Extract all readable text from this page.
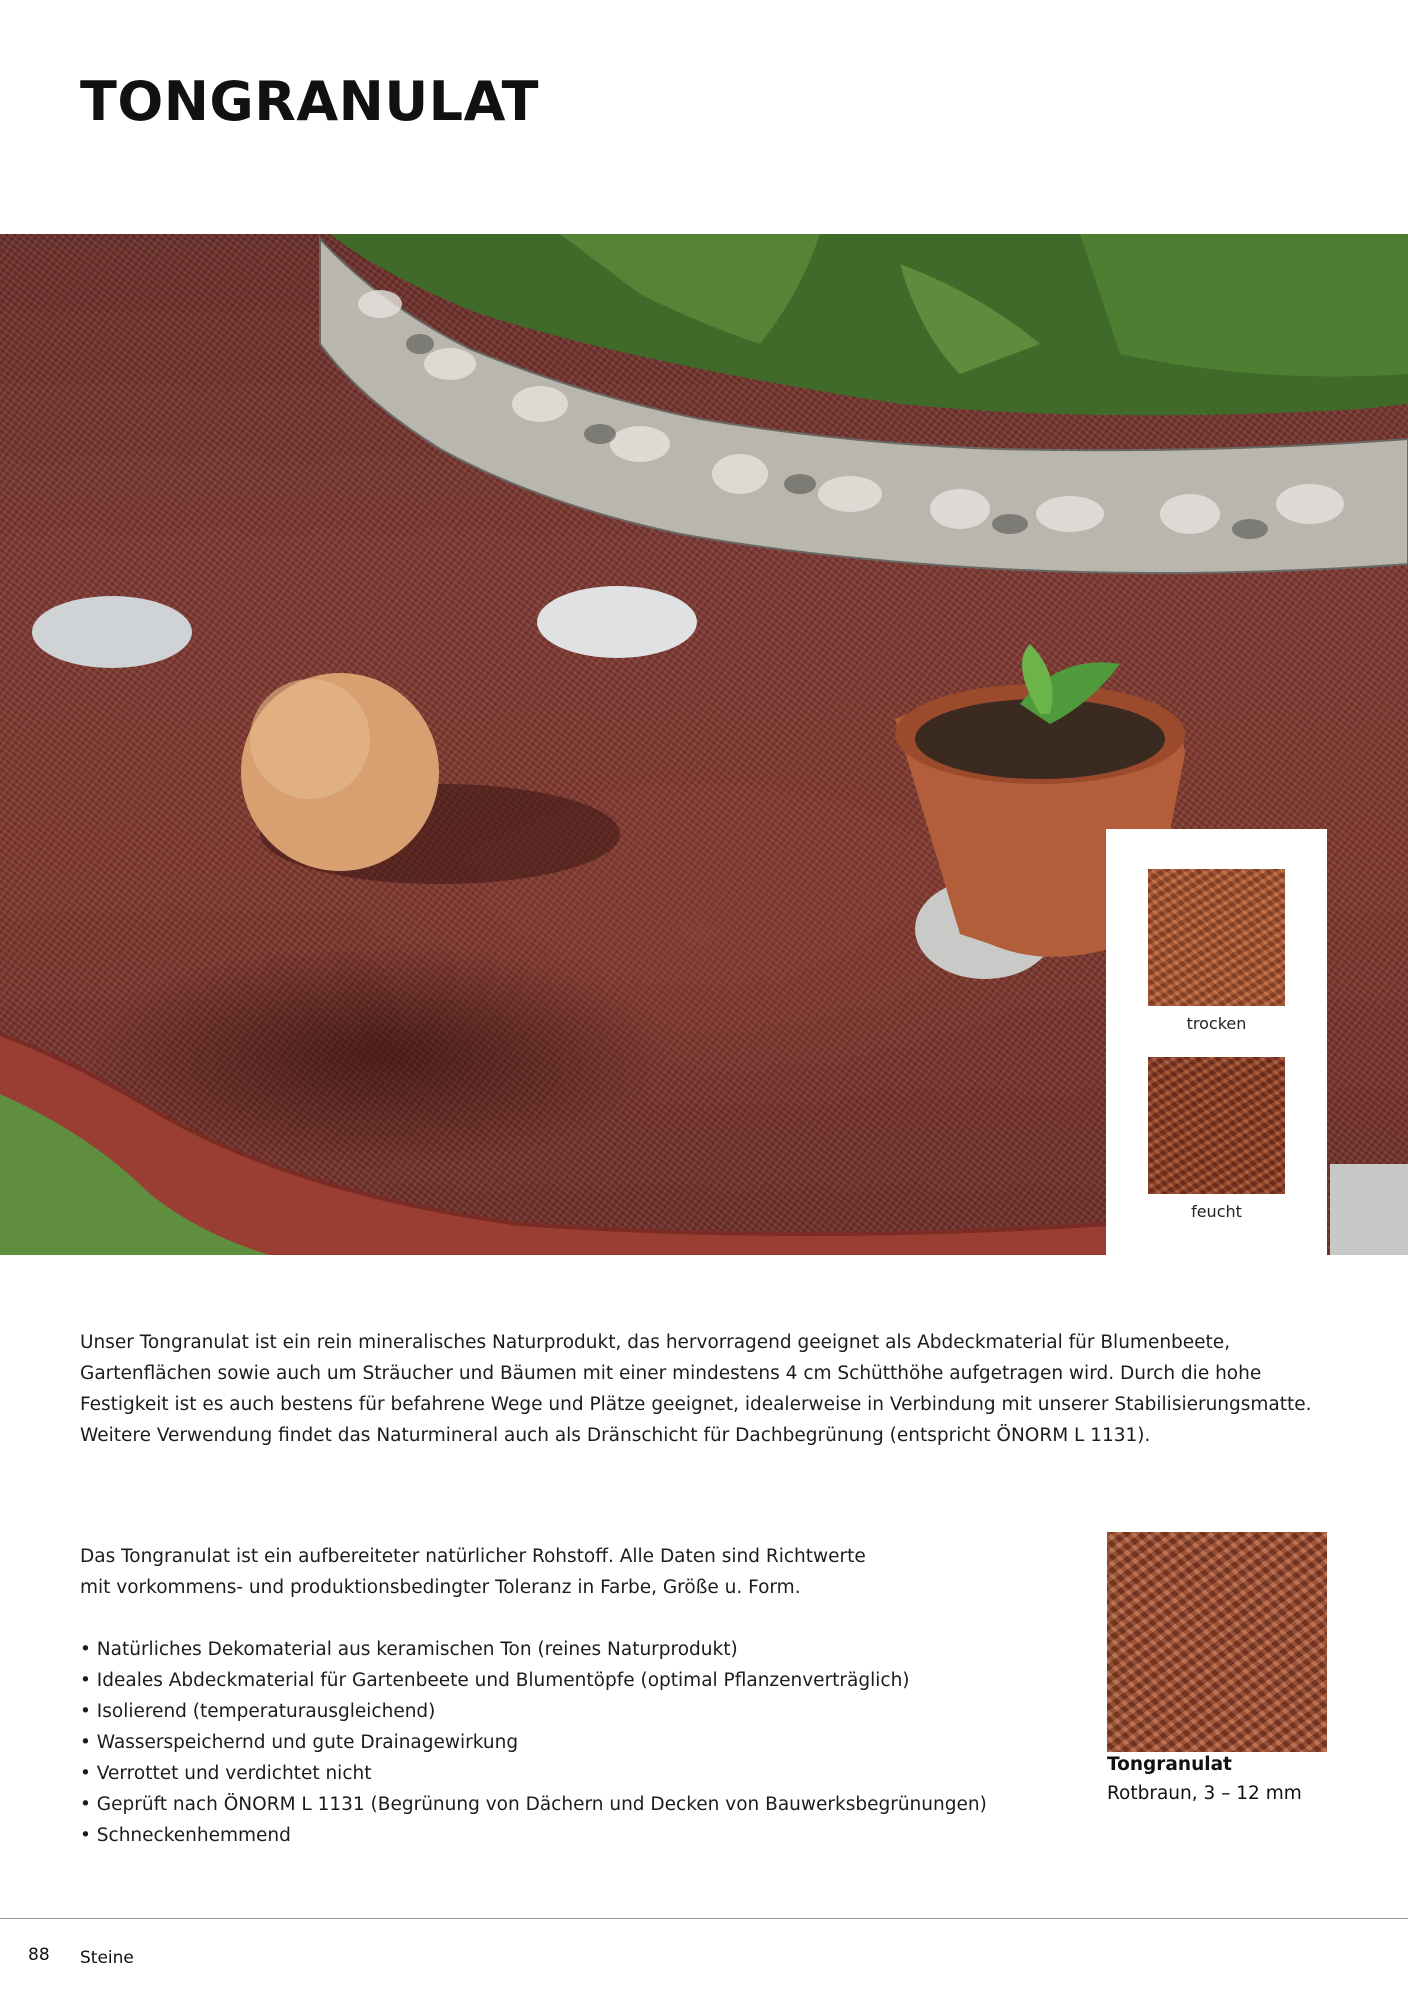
TONGRANULAT
trocken
feucht

Unser Tongranulat ist ein rein mineralisches Naturprodukt, das hervorragend geeignet als Abdeckmaterial für Blumenbeete, Gartenflächen sowie auch um Sträucher und Bäumen mit einer mindestens 4 cm Schütthöhe aufgetragen wird. Durch die hohe Festigkeit ist es auch bestens für befahrene Wege und Plätze geeignet, idealerweise in Verbindung mit unserer Stabilisierungsmatte. Weitere Verwendung findet das Naturmineral auch als Dränschicht für Dachbegrünung (entspricht ÖNORM L 1131).

Das Tongranulat ist ein aufbereiteter natürlicher Rohstoff. Alle Daten sind Richtwerte mit vorkommens- und produktionsbedingter Toleranz in Farbe, Größe u. Form.

• Natürliches Dekomaterial aus keramischen Ton (reines Naturprodukt)
• Ideales Abdeckmaterial für Gartenbeete und Blumentöpfe (optimal Pflanzenverträglich)
• Isolierend (temperaturausgleichend)
• Wasserspeichernd und gute Drainagewirkung
• Verrottet und verdichtet nicht
• Geprüft nach ÖNORM L 1131 (Begrünung von Dächern und Decken von Bauwerksbegrünungen)
• Schneckenhemmend
Tongranulat
Rotbraun, 3 – 12 mm
88 Steine
